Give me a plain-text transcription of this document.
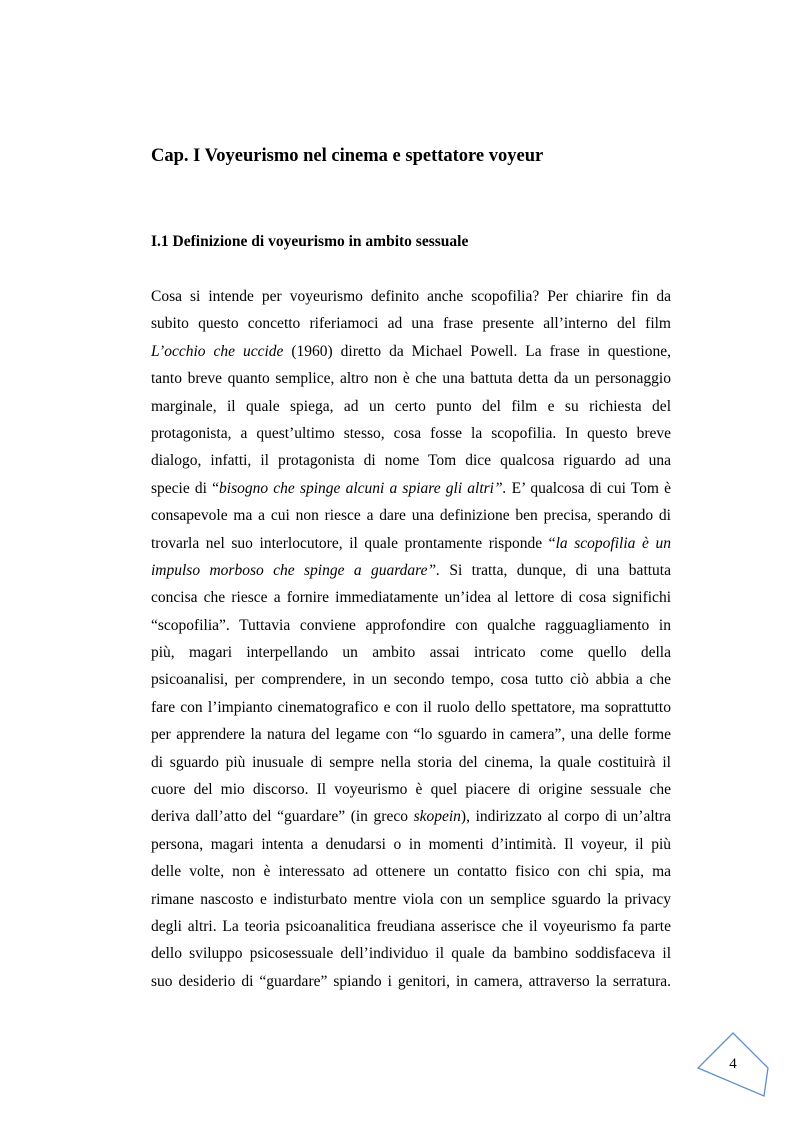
Cap. I Voyeurismo nel cinema e spettatore voyeur
I.1 Definizione di voyeurismo in ambito sessuale
Cosa si intende per voyeurismo definito anche scopofilia? Per chiarire fin da
subito questo concetto riferiamoci ad una frase presente all’interno del film
L’occhio che uccide (1960) diretto da Michael Powell. La frase in questione,
tanto breve quanto semplice, altro non è che una battuta detta da un personaggio
marginale, il quale spiega, ad un certo punto del film e su richiesta del
protagonista, a quest’ultimo stesso, cosa fosse la scopofilia. In questo breve
dialogo, infatti, il protagonista di nome Tom dice qualcosa riguardo ad una
specie di “bisogno che spinge alcuni a spiare gli altri”. E’ qualcosa di cui Tom è
consapevole ma a cui non riesce a dare una definizione ben precisa, sperando di
trovarla nel suo interlocutore, il quale prontamente risponde “la scopofilia è un
impulso morboso che spinge a guardare”. Si tratta, dunque, di una battuta
concisa che riesce a fornire immediatamente un’idea al lettore di cosa significhi
“scopofilia”. Tuttavia conviene approfondire con qualche ragguagliamento in
più, magari interpellando un ambito assai intricato come quello della
psicoanalisi, per comprendere, in un secondo tempo, cosa tutto ciò abbia a che
fare con l’impianto cinematografico e con il ruolo dello spettatore, ma soprattutto
per apprendere la natura del legame con “lo sguardo in camera”, una delle forme
di sguardo più inusuale di sempre nella storia del cinema, la quale costituirà il
cuore del mio discorso. Il voyeurismo è quel piacere di origine sessuale che
deriva dall’atto del “guardare” (in greco skopein), indirizzato al corpo di un’altra
persona, magari intenta a denudarsi o in momenti d’intimità. Il voyeur, il più
delle volte, non è interessato ad ottenere un contatto fisico con chi spia, ma
rimane nascosto e indisturbato mentre viola con un semplice sguardo la privacy
degli altri. La teoria psicoanalitica freudiana asserisce che il voyeurismo fa parte
dello sviluppo psicosessuale dell’individuo il quale da bambino soddisfaceva il
suo desiderio di “guardare” spiando i genitori, in camera, attraverso la serratura.
4
